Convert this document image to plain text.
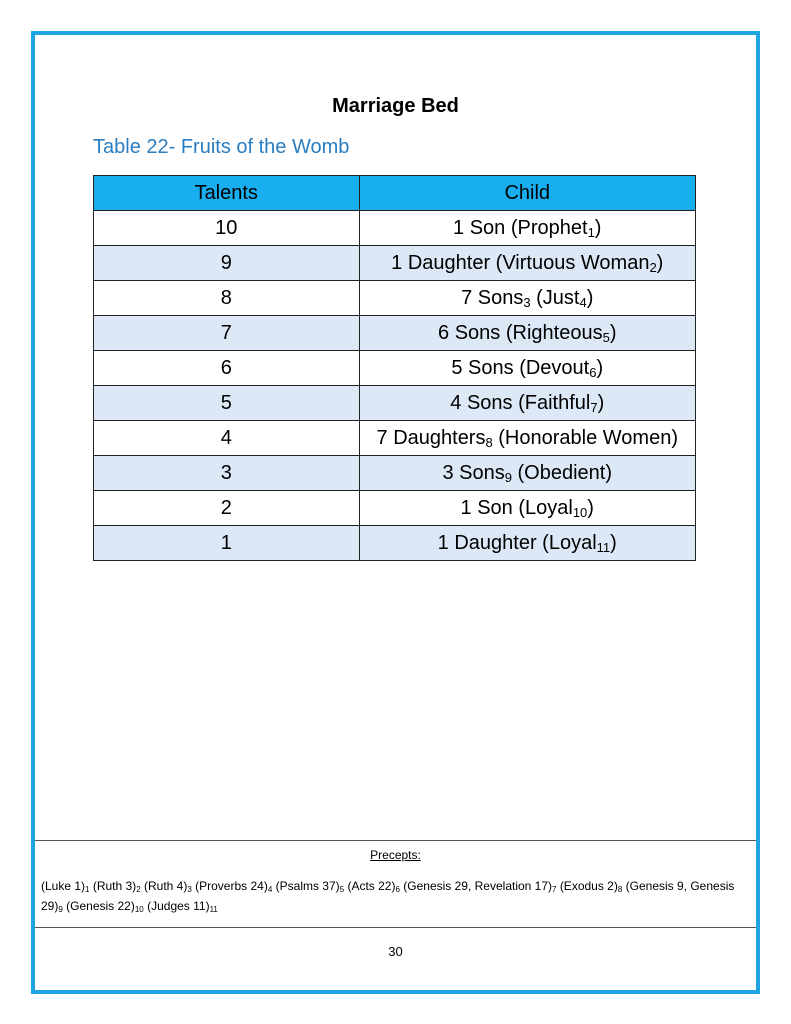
Marriage Bed
Table 22- Fruits of the Womb
Talents	Child
10	1 Son (Prophet$_1$)
9	1 Daughter (Virtuous Woman$_2$)
8	7 Sons$_3$ (Just$_4$)
7	6 Sons (Righteous$_5$)
6	5 Sons (Devout$_6$)
5	4 Sons (Faithful$_7$)
4	7 Daughters$_8$ (Honorable Women)
3	3 Sons$_9$ (Obedient)
2	1 Son (Loyal$_{10}$)
1	1 Daughter (Loyal$_{11}$)
Precepts:
(Luke $1)_1$ (Ruth $3)_2$ (Ruth $4)_3$ (Proverbs $24)_4$ (Psalms $37)_5$ (Acts $22)_6$ (Genesis 29, Revelation $17)_7$ (Exodus $2)_8$ (Genesis 9, Genesis $29)_9$ (Genesis $22)_{10}$ (Judges $11)_{11}$
30
